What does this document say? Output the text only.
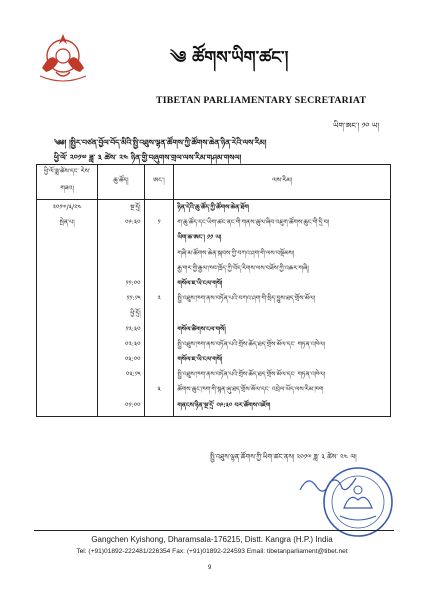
༄ ཚོགས་ཡིག་ཚང་།
TIBETAN PARLIAMENTARY SECRETARIAT
ཡིག་ཨང་། ༡༠ ཡ།
༄༅། །སྤྱིར་བཙན་བྱོལ་བོད་མིའི་སྤྱི་འཐུས་ལྷན་ཚོགས་ཀྱི་ཚོགས་ཆེན་ཉིན་རེའི་ལས་རིམ།
ཕྱི་ལོ་ ༢༠༡༧ ཟླ་ ༣ ཚེས་ ༢༤ ཉིན་གྱི་བཞུགས་གྲལ་ལས་རིམ་གཤམ་གསལ།
ཕྱི་ལོ་ཟླ་ཚེས་དང་ རེས་གཟའ།	ཆུ་ཚོད།	ཨང་།	ལས་རིམ།
༢༠༡༧/༣/༢༤	སྔ་དྲོ།		ཉིན་དེའི་ཆུ་ཚོད་ཀྱི་ཚོགས་ཆེན་ཐོག
སྤེན་པ།	༠༩:༣༠	༡	ག་ཆུ་ཚོད་དང་ཡིག་ཚང་ནང་གི་གནས་ཚུལ་ཞིབ་འཇུག་ཚོགས་ཆུང་གི་དྲི་བ།
			ཡིག་ཆ་ཨང་། ༡༡ ཡ།
			གཞི་མ་ཚོགས་ཆེན་སྐབས་ཀྱི་བཀའ་ཤག་གི་ལས་བསྡོམས།
			རྒྱ་གར་གྱི་རྒྱལ་ཁབ་ཁྲོད་ཀྱི་བོད་རིགས་ལས་བཟོས་ཀྱི་འཆར་གཞི།
	༡༡:༠༠		གསོལ་ཇ་ཡི་ངལ་གསོ།
	༡༡:༡༥	༢	སྤྱི་འཐུས་ཁག་ནས་བཏོན་པའི་བཀའ་ཤག་གི་སྲིད་བྱུས་ཐད་གྲོས་མོལ།
	ཕྱི་དྲོ།		
	༡༢:༣༠		གསོལ་ཚིགས་ངལ་གསོ།
	༠༢:༣༠		སྤྱི་འཐུས་ཁག་ནས་བཏོན་པའི་གྲོས་ཆོད་ཐད་གྲོས་མོལ་དང་ གཏན་འཁེལ།
	༠༣:༠༠		གསོལ་ཇ་ཡི་ངལ་གསོ།
	༠༣:༡༥		སྤྱི་འཐུས་ཁག་ནས་བཏོན་པའི་གྲོས་ཆོད་ཐད་གྲོས་མོལ་དང་ གཏན་འཁེལ།
		༣	ཚོགས་ཆུང་ཁག་གི་སྙན་ཞུ་ཐད་གྲོས་མོལ་དང་ འབྲེལ་ཡོད་ལས་རིམ་ཁག
	༠༡:༠༠		གནངས་ཉིན་སྔ་དྲོ་ ༠༩:༣༠ བར་ཚོགས་འཇོག
སྤྱི་འཐུས་ལྷན་ཚོགས་ཀྱི་ཡིག་ཚང་ནས། ༢༠༡༧ ཟླ་ ༣ ཚེས་ ༢༤ ལ།
Gangchen Kyishong, Dharamsala-176215, Distt. Kangra (H.P.) India
Tel: (+91)01892-222481/226354 Fax: (+91)01892-224593 Email: tibetanparliament@tibet.net
9
